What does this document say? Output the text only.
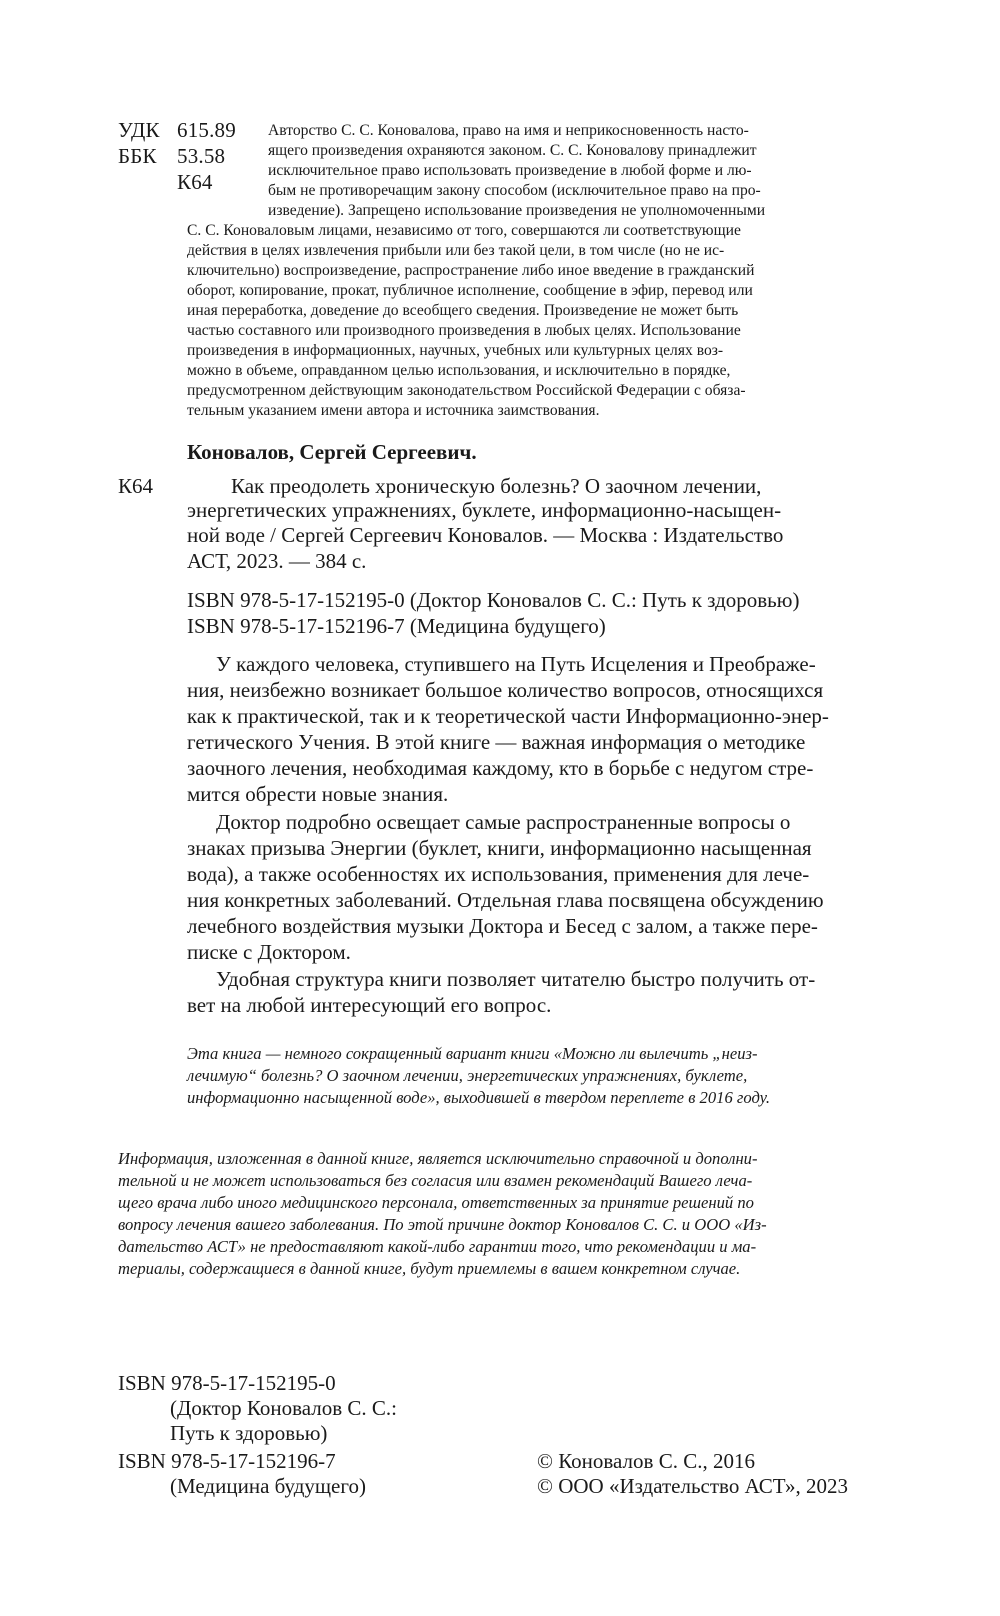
УДК 615.89
ББК 53.58
К64
Авторство С. С. Коновалова, право на имя и неприкосновенность насто-
ящего произведения охраняются законом. С. С. Коновалову принадлежит
исключительное право использовать произведение в любой форме и лю-
бым не противоречащим закону способом (исключительное право на про-
изведение). Запрещено использование произведения не уполномоченными
С. С. Коноваловым лицами, независимо от того, совершаются ли соответствующие
действия в целях извлечения прибыли или без такой цели, в том числе (но не ис-
ключительно) воспроизведение, распространение либо иное введение в гражданский
оборот, копирование, прокат, публичное исполнение, сообщение в эфир, перевод или
иная переработка, доведение до всеобщего сведения. Произведение не может быть
частью составного или производного произведения в любых целях. Использование
произведения в информационных, научных, учебных или культурных целях воз-
можно в объеме, оправданном целью использования, и исключительно в порядке,
предусмотренном действующим законодательством Российской Федерации с обяза-
тельным указанием имени автора и источника заимствования.
Коновалов, Сергей Сергеевич.
К64	Как преодолеть хроническую болезнь? О заочном лечении,
энергетических упражнениях, буклете, информационно-насыщен-
ной воде / Сергей Сергеевич Коновалов. — Москва : Издательство
АСТ, 2023. — 384 с.
ISBN 978-5-17-152195-0 (Доктор Коновалов С. С.: Путь к здоровью)
ISBN 978-5-17-152196-7 (Медицина будущего)
У каждого человека, ступившего на Путь Исцеления и Преображе-
ния, неизбежно возникает большое количество вопросов, относящихся
как к практической, так и к теоретической части Информационно-энер-
гетического Учения. В этой книге — важная информация о методике
заочного лечения, необходимая каждому, кто в борьбе с недугом стре-
мится обрести новые знания.
Доктор подробно освещает самые распространенные вопросы о
знаках призыва Энергии (буклет, книги, информационно насыщенная
вода), а также особенностях их использования, применения для лече-
ния конкретных заболеваний. Отдельная глава посвящена обсуждению
лечебного воздействия музыки Доктора и Бесед с залом, а также пере-
писке с Доктором.
Удобная структура книги позволяет читателю быстро получить от-
вет на любой интересующий его вопрос.
Эта книга — немного сокращенный вариант книги «Можно ли вылечить „неиз-
лечимую“ болезнь? О заочном лечении, энергетических упражнениях, буклете,
информационно насыщенной воде», выходившей в твердом переплете в 2016 году.
Информация, изложенная в данной книге, является исключительно справочной и дополни-
тельной и не может использоваться без согласия или взамен рекомендаций Вашего леча-
щего врача либо иного медицинского персонала, ответственных за принятие решений по
вопросу лечения вашего заболевания. По этой причине доктор Коновалов С. С. и ООО «Из-
дательство АСТ» не предоставляют какой-либо гарантии того, что рекомендации и ма-
териалы, содержащиеся в данной книге, будут приемлемы в вашем конкретном случае.
ISBN 978-5-17-152195-0
(Доктор Коновалов С. С.:
Путь к здоровью)
ISBN 978-5-17-152196-7
(Медицина будущего)
© Коновалов С. С., 2016
© ООО «Издательство АСТ», 2023
